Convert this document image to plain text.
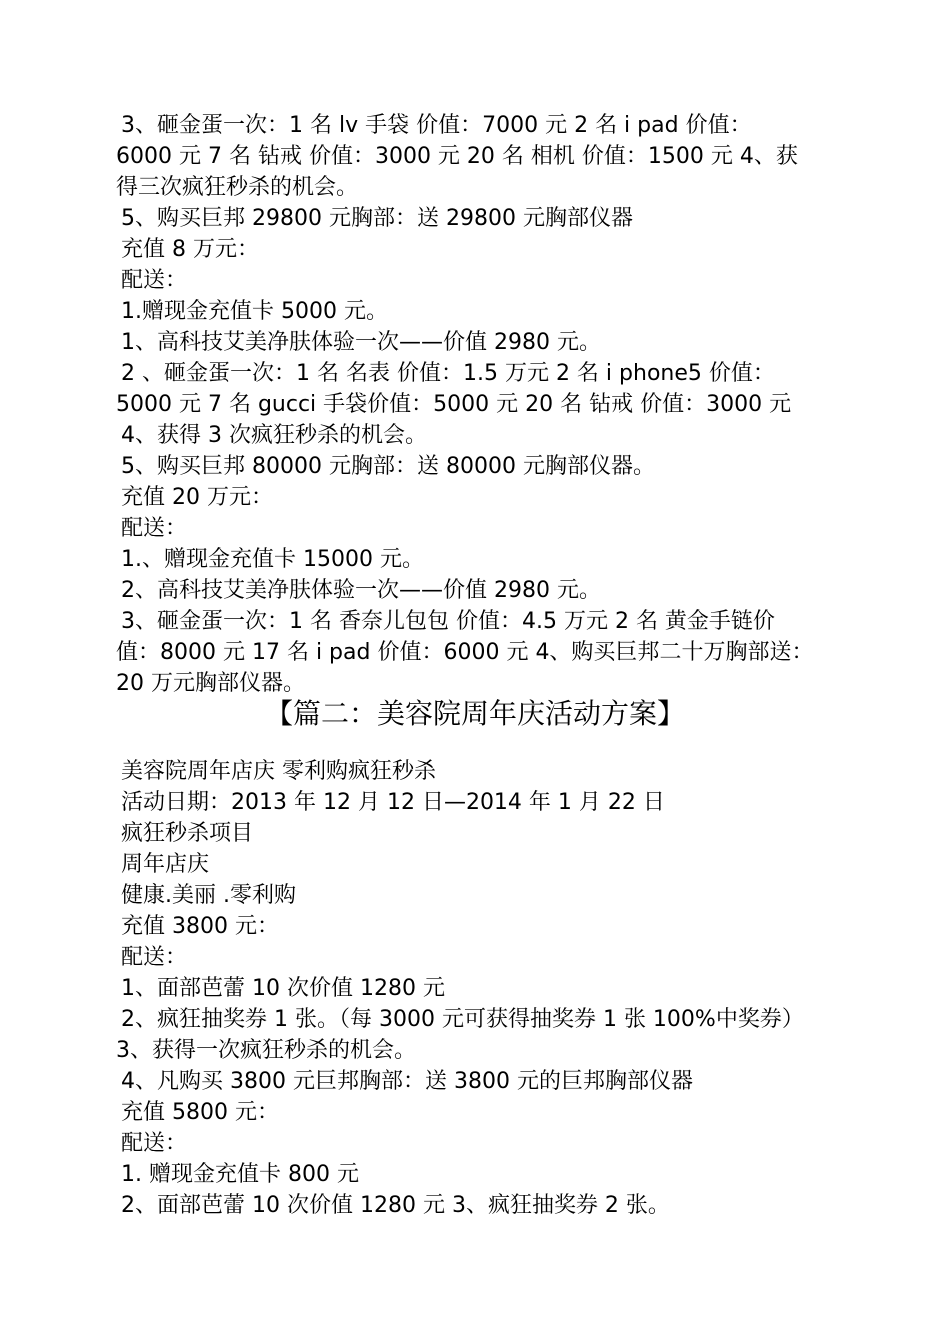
3、砸金蛋一次：1 名 lv 手袋 价值：7000 元 2 名 i pad 价值：
6000 元 7 名 钻戒 价值：3000 元 20 名 相机 价值：1500 元 4、获
得三次疯狂秒杀的机会。
5、购买巨邦 29800 元胸部：送 29800 元胸部仪器
充值 8 万元：
配送：
1.赠现金充值卡 5000 元。
1、高科技艾美净肤体验一次——价值 2980 元。
2 、砸金蛋一次：1 名 名表 价值：1.5 万元 2 名 i phone5 价值：
5000 元 7 名 gucci 手袋价值：5000 元 20 名 钻戒 价值：3000 元
4、获得 3 次疯狂秒杀的机会。
5、购买巨邦 80000 元胸部：送 80000 元胸部仪器。
充值 20 万元：
配送：
1.、赠现金充值卡 15000 元。
2、高科技艾美净肤体验一次——价值 2980 元。
3、砸金蛋一次：1 名 香奈儿包包 价值：4.5 万元 2 名 黄金手链价
值：8000 元 17 名 i pad 价值：6000 元 4、购买巨邦二十万胸部送：
20 万元胸部仪器。
【篇二：美容院周年庆活动方案】
美容院周年店庆 零利购疯狂秒杀
活动日期：2013 年 12 月 12 日—2014 年 1 月 22 日
疯狂秒杀项目
周年店庆
健康.美丽 .零利购
充值 3800 元：
配送：
1、面部芭蕾 10 次价值 1280 元
2、疯狂抽奖券 1 张。（每 3000 元可获得抽奖券 1 张 100%中奖券）
3、获得一次疯狂秒杀的机会。
4、凡购买 3800 元巨邦胸部：送 3800 元的巨邦胸部仪器
充值 5800 元：
配送：
1. 赠现金充值卡 800 元
2、面部芭蕾 10 次价值 1280 元 3、疯狂抽奖券 2 张。
